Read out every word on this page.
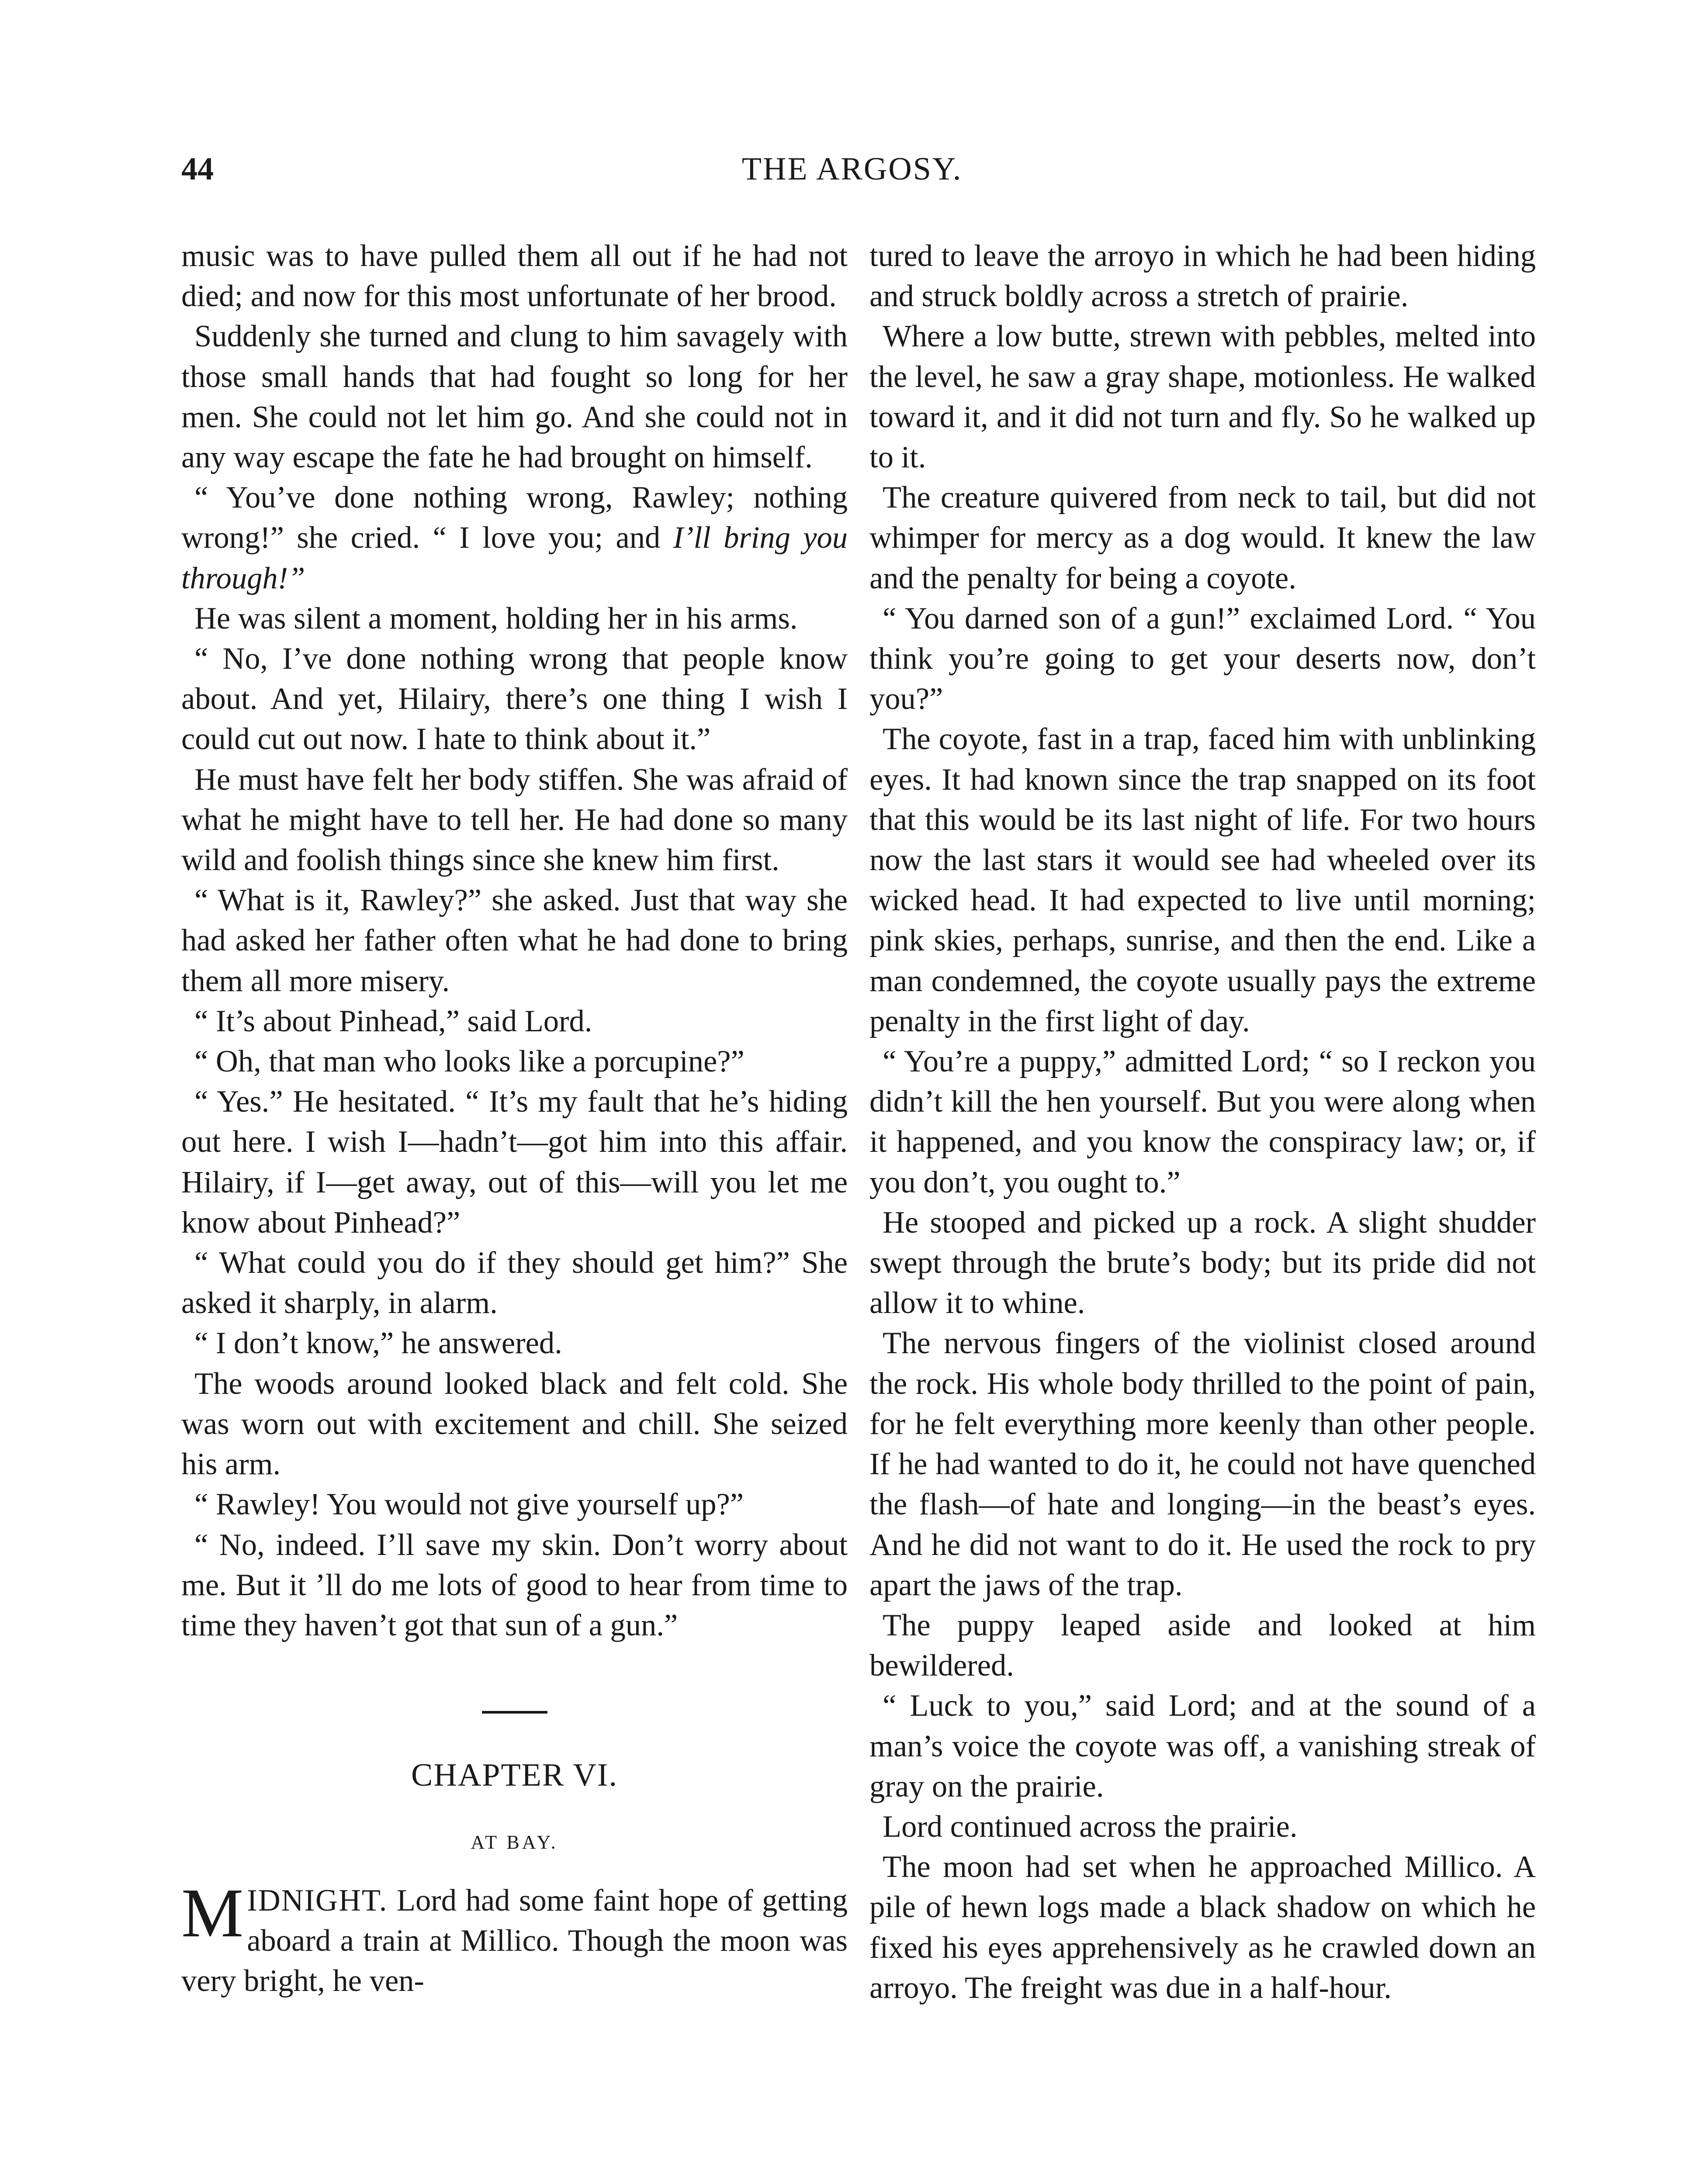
44	THE ARGOSY.

music was to have pulled them all out if he had not died; and now for this most unfortunate of her brood.

Suddenly she turned and clung to him savagely with those small hands that had fought so long for her men. She could not let him go. And she could not in any way escape the fate he had brought on himself.

“ You’ve done nothing wrong, Rawley; nothing wrong!” she cried. “ I love you; and I’ll bring you through!”

He was silent a moment, holding her in his arms.

“ No, I’ve done nothing wrong that people know about. And yet, Hilairy, there’s one thing I wish I could cut out now. I hate to think about it.”

He must have felt her body stiffen. She was afraid of what he might have to tell her. He had done so many wild and foolish things since she knew him first.

“ What is it, Rawley?” she asked. Just that way she had asked her father often what he had done to bring them all more misery.

“ It’s about Pinhead,” said Lord.

“ Oh, that man who looks like a porcupine?”

“ Yes.” He hesitated. “ It’s my fault that he’s hiding out here. I wish I—hadn’t—got him into this affair. Hilairy, if I—get away, out of this—will you let me know about Pinhead?”

“ What could you do if they should get him?” She asked it sharply, in alarm.

“ I don’t know,” he answered.

The woods around looked black and felt cold. She was worn out with excitement and chill. She seized his arm.

“ Rawley! You would not give yourself up?”

“ No, indeed. I’ll save my skin. Don’t worry about me. But it ’ll do me lots of good to hear from time to time they haven’t got that sun of a gun.”

CHAPTER VI.
AT BAY.

MIDNIGHT. Lord had some faint hope of getting aboard a train at Millico. Though the moon was very bright, he ven-

tured to leave the arroyo in which he had been hiding and struck boldly across a stretch of prairie.

Where a low butte, strewn with pebbles, melted into the level, he saw a gray shape, motionless. He walked toward it, and it did not turn and fly. So he walked up to it.

The creature quivered from neck to tail, but did not whimper for mercy as a dog would. It knew the law and the penalty for being a coyote.

“ You darned son of a gun!” exclaimed Lord. “ You think you’re going to get your deserts now, don’t you?”

The coyote, fast in a trap, faced him with unblinking eyes. It had known since the trap snapped on its foot that this would be its last night of life. For two hours now the last stars it would see had wheeled over its wicked head. It had expected to live until morning; pink skies, perhaps, sunrise, and then the end. Like a man condemned, the coyote usually pays the extreme penalty in the first light of day.

“ You’re a puppy,” admitted Lord; “ so I reckon you didn’t kill the hen yourself. But you were along when it happened, and you know the conspiracy law; or, if you don’t, you ought to.”

He stooped and picked up a rock. A slight shudder swept through the brute’s body; but its pride did not allow it to whine.

The nervous fingers of the violinist closed around the rock. His whole body thrilled to the point of pain, for he felt everything more keenly than other people. If he had wanted to do it, he could not have quenched the flash—of hate and longing—in the beast’s eyes. And he did not want to do it. He used the rock to pry apart the jaws of the trap.

The puppy leaped aside and looked at him bewildered.

“ Luck to you,” said Lord; and at the sound of a man’s voice the coyote was off, a vanishing streak of gray on the prairie.

Lord continued across the prairie.

The moon had set when he approached Millico. A pile of hewn logs made a black shadow on which he fixed his eyes apprehensively as he crawled down an arroyo. The freight was due in a half-hour.
